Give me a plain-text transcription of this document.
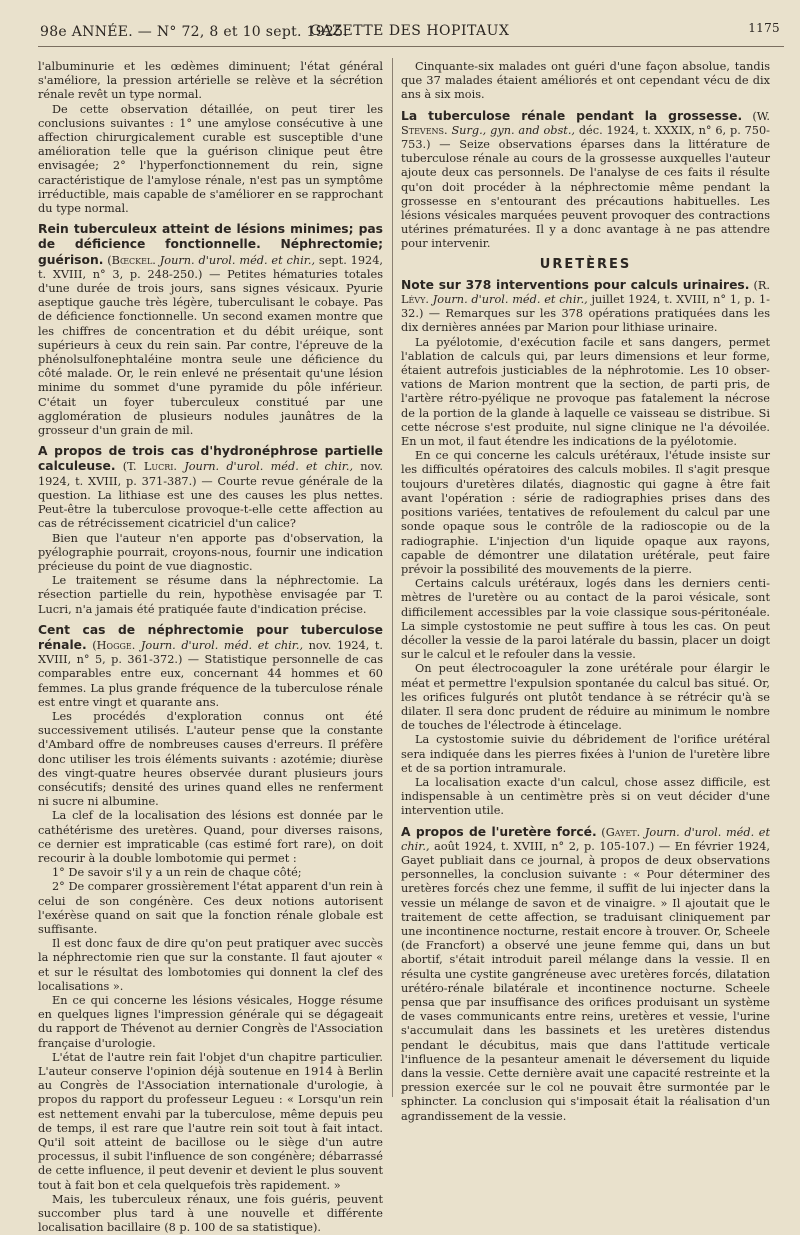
98e ANNÉE. — N° 72, 8 et 10 sept. 1925.
GAZETTE DES HOPITAUX	1175

l'albuminurie et les œdèmes diminuent; l'état général s'améliore, la pression artérielle se relève et la sécrétion rénale revêt un type normal.

De cette observation détaillée, on peut tirer les conclusions suivantes : 1° une amylose consécutive à une affection chirurgicalement curable est susceptible d'une amélioration telle que la guérison clinique peut être envisagée; 2° l'hyperfonctionnement du rein, signe caractéristique de l'amylose rénale, n'est pas un symptôme irréductible, mais capable de s'améliorer en se rapprochant du type normal.

Rein tuberculeux atteint de lésions minimes; pas de déficience fonctionnelle. Néphrectomie; guérison. (Bœckel. Journ. d'urol. méd. et chir., sept. 1924, t. XVIII, n° 3, p. 248-250.) — Petites hématuries totales d'une durée de trois jours, sans signes vésicaux. Pyurie aseptique gauche très légère, tuberculisant le cobaye. Pas de déficience fonctionnelle. Un second examen montre que les chiffres de concentration et du débit uréique, sont supérieurs à ceux du rein sain. Par contre, l'épreuve de la phénolsulfonephtaléine montra seule une déficience du côté malade. Or, le rein enlevé ne présentait qu'une lésion minime du sommet d'une pyramide du pôle inférieur. C'était un foyer tuberculeux constitué par une agglomération de plusieurs nodules jaunâtres de la grosseur d'un grain de mil.

A propos de trois cas d'hydronéphrose partielle calculeuse. (T. Lucri. Journ. d'urol. méd. et chir., nov. 1924, t. XVIII, p. 371-387.) — Courte revue générale de la question. La lithiase est une des causes les plus nettes. Peut-être la tuberculose provoque-t-elle cette affection au cas de rétrécissement cicatriciel d'un calice?

Bien que l'auteur n'en apporte pas d'observation, la pyélographie pourrait, croyons-nous, fournir une indication précieuse du point de vue diagnostic.

Le traitement se résume dans la néphrectomie. La résection partielle du rein, hypothèse envisagée par T. Lucri, n'a jamais été pratiquée faute d'indication précise.

Cent cas de néphrectomie pour tuberculose rénale. (Hogge. Journ. d'urol. méd. et chir., nov. 1924, t. XVIII, n° 5, p. 361-372.) — Statistique personnelle de cas comparables entre eux, concernant 44 hommes et 60 femmes. La plus grande fréquence de la tuberculose rénale est entre vingt et quarante ans.

Les procédés d'exploration connus ont été successivement utilisés. L'auteur pense que la constante d'Ambard offre de nombreuses causes d'erreurs. Il préfère donc utiliser les trois éléments suivants : azotémie; diurèse des vingt-quatre heures observée durant plusieurs jours consécutifs; densité des urines quand elles ne renferment ni sucre ni albumine.

La clef de la localisation des lésions est donnée par le cathétérisme des uretères. Quand, pour diverses raisons, ce dernier est impraticable (cas estimé fort rare), on doit recourir à la double lombotomie qui permet :

1° De savoir s'il y a un rein de chaque côté;

2° De comparer grossièrement l'état apparent d'un rein à celui de son congénère. Ces deux notions autorisent l'exérèse quand on sait que la fonction rénale globale est suffisante.

Il est donc faux de dire qu'on peut pratiquer avec succès la néphrectomie rien que sur la constante. Il faut ajouter « et sur le résultat des lombotomies qui donnent la clef des localisations ».

En ce qui concerne les lésions vésicales, Hogge résume en quelques lignes l'impression générale qui se dégageait du rapport de Thévenot au dernier Congrès de l'Association française d'urologie.

L'état de l'autre rein fait l'objet d'un chapitre particulier. L'auteur conserve l'opinion déjà soutenue en 1914 à Berlin au Congrès de l'Association internationale d'urologie, à propos du rapport du professeur Legueu : « Lorsqu'un rein est nettement envahi par la tuberculose, même depuis peu de temps, il est rare que l'autre rein soit tout à fait intact. Qu'il soit atteint de bacillose ou le siège d'un autre processus, il subit l'influence de son congénère; débarrassé de cette influence, il peut devenir et devient le plus souvent tout à fait bon et cela quelquefois très rapidement. »

Mais, les tuberculeux rénaux, une fois guéris, peuvent succomber plus tard à une nouvelle et différente localisation bacillaire (8 p. 100 de sa statistique).

Cinquante-six malades ont guéri d'une façon absolue, tandis que 37 malades étaient améliorés et ont cependant vécu de dix ans à six mois.

La tuberculose rénale pendant la grossesse. (W. Stevens. Surg., gyn. and obst., déc. 1924, t. XXXIX, n° 6, p. 750-753.) — Seize observations éparses dans la littérature de tuberculose rénale au cours de la grossesse auxquelles l'auteur ajoute deux cas personnels. De l'analyse de ces faits il résulte qu'on doit procéder à la néphrectomie même pendant la grossesse en s'entourant des précautions habituelles. Les lésions vésicales marquées peuvent provoquer des contractions utérines prématurées. Il y a donc avantage à ne pas attendre pour intervenir.

URETÈRES

Note sur 378 interventions pour calculs urinaires. (R. Lévy. Journ. d'urol. méd. et chir., juillet 1924, t. XVIII, n° 1, p. 1-32.) — Remarques sur les 378 opérations pratiquées dans les dix dernières années par Marion pour lithiase urinaire.

La pyélotomie, d'exécution facile et sans dangers, permet l'ablation de calculs qui, par leurs dimensions et leur forme, étaient autrefois justiciables de la néphrotomie. Les 10 observations de Marion montrent que la section, de parti pris, de l'artère rétro-pyélique ne provoque pas fatalement la nécrose de la portion de la glande à laquelle ce vaisseau se distribue. Si cette nécrose s'est produite, nul signe clinique ne l'a dévoilée. En un mot, il faut étendre les indications de la pyélotomie.

En ce qui concerne les calculs urétéraux, l'étude insiste sur les difficultés opératoires des calculs mobiles. Il s'agit presque toujours d'uretères dilatés, diagnostic qui gagne à être fait avant l'opération : série de radiographies prises dans des positions variées, tentatives de refoulement du calcul par une sonde opaque sous le contrôle de la radioscopie ou de la radiographie. L'injection d'un liquide opaque aux rayons, capable de démontrer une dilatation urétérale, peut faire prévoir la possibilité des mouvements de la pierre.

Certains calculs urétéraux, logés dans les derniers centimètres de l'uretère ou au contact de la paroi vésicale, sont difficilement accessibles par la voie classique sous-péritonéale. La simple cystostomie ne peut suffire à tous les cas. On peut décoller la vessie de la paroi latérale du bassin, placer un doigt sur le calcul et le refouler dans la vessie.

On peut électrocoaguler la zone urétérale pour élargir le méat et permettre l'expulsion spontanée du calcul bas situé. Or, les orifices fulgurés ont plutôt tendance à se rétrécir qu'à se dilater. Il sera donc prudent de réduire au minimum le nombre de touches de l'électrode à étincelage.

La cystostomie suivie du débridement de l'orifice urétéral sera indiquée dans les pierres fixées à l'union de l'uretère libre et de sa portion intramurale.

La localisation exacte d'un calcul, chose assez difficile, est indispensable à un centimètre près si on veut décider d'une intervention utile.

A propos de l'uretère forcé. (Gayet. Journ. d'urol. méd. et chir., août 1924, t. XVIII, n° 2, p. 105-107.) — En février 1924, Gayet publiait dans ce journal, à propos de deux observations personnelles, la conclusion suivante : « Pour déterminer des uretères forcés chez une femme, il suffit de lui injecter dans la vessie un mélange de savon et de vinaigre. » Il ajoutait que le traitement de cette affection, se traduisant cliniquement par une incontinence nocturne, restait encore à trouver. Or, Scheele (de Francfort) a observé une jeune femme qui, dans un but abortif, s'était introduit pareil mélange dans la vessie. Il en résulta une cystite gangréneuse avec uretères forcés, dilatation urétéro-rénale bilatérale et incontinence nocturne. Scheele pensa que par insuffisance des orifices produisant un système de vases communicants entre reins, uretères et vessie, l'urine s'accumulait dans les bassinets et les uretères distendus pendant le décubitus, mais que dans l'attitude verticale l'influence de la pesanteur amenait le déversement du liquide dans la vessie. Cette dernière avait une capacité restreinte et la pression exercée sur le col ne pouvait être surmontée par le sphincter. La conclusion qui s'imposait était la réalisation d'un agrandissement de la vessie.
